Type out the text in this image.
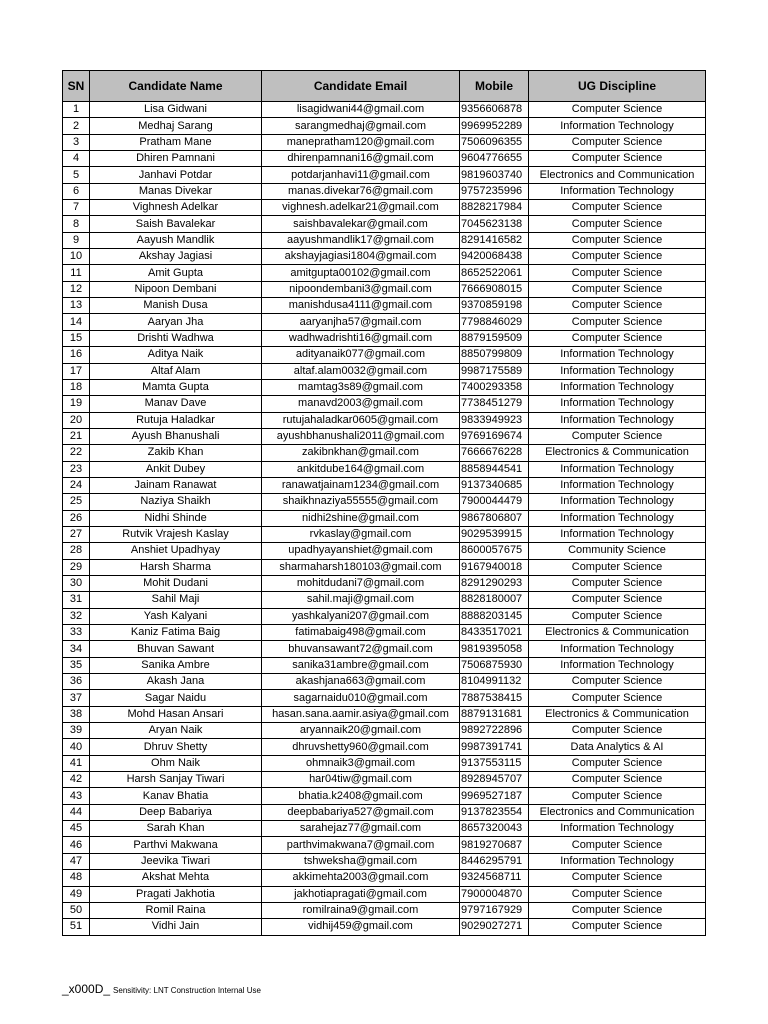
SN	Candidate Name	Candidate Email	Mobile	UG Discipline
1	Lisa Gidwani	lisagidwani44@gmail.com	9356606878	Computer Science
2	Medhaj Sarang	sarangmedhaj@gmail.com	9969952289	Information Technology
3	Pratham Mane	manepratham120@gmail.com	7506096355	Computer Science
4	Dhiren Pamnani	dhirenpamnani16@gmail.com	9604776655	Computer Science
5	Janhavi Potdar	potdarjanhavi11@gmail.com	9819603740	Electronics and Communication
6	Manas Divekar	manas.divekar76@gmail.com	9757235996	Information Technology
7	Vighnesh Adelkar	vighnesh.adelkar21@gmail.com	8828217984	Computer Science
8	Saish Bavalekar	saishbavalekar@gmail.com	7045623138	Computer Science
9	Aayush Mandlik	aayushmandlik17@gmail.com	8291416582	Computer Science
10	Akshay Jagiasi	akshayjagiasi1804@gmail.com	9420068438	Computer Science
11	Amit Gupta	amitgupta00102@gmail.com	8652522061	Computer Science
12	Nipoon Dembani	nipoondembani3@gmail.com	7666908015	Computer Science
13	Manish Dusa	manishdusa4111@gmail.com	9370859198	Computer Science
14	Aaryan Jha	aaryanjha57@gmail.com	7798846029	Computer Science
15	Drishti Wadhwa	wadhwadrishti16@gmail.com	8879159509	Computer Science
16	Aditya Naik	adityanaik077@gmail.com	8850799809	Information Technology
17	Altaf Alam	altaf.alam0032@gmail.com	9987175589	Information Technology
18	Mamta Gupta	mamtag3s89@gmail.com	7400293358	Information Technology
19	Manav Dave	manavd2003@gmail.com	7738451279	Information Technology
20	Rutuja Haladkar	rutujahaladkar0605@gmail.com	9833949923	Information Technology
21	Ayush Bhanushali	ayushbhanushali2011@gmail.com	9769169674	Computer Science
22	Zakib Khan	zakibnkhan@gmail.com	7666676228	Electronics & Communication
23	Ankit Dubey	ankitdube164@gmail.com	8858944541	Information Technology
24	Jainam Ranawat	ranawatjainam1234@gmail.com	9137340685	Information Technology
25	Naziya Shaikh	shaikhnaziya55555@gmail.com	7900044479	Information Technology
26	Nidhi Shinde	nidhi2shine@gmail.com	9867806807	Information Technology
27	Rutvik Vrajesh Kaslay	rvkaslay@gmail.com	9029539915	Information Technology
28	Anshiet Upadhyay	upadhyayanshiet@gmail.com	8600057675	Community Science
29	Harsh Sharma	sharmaharsh180103@gmail.com	9167940018	Computer Science
30	Mohit Dudani	mohitdudani7@gmail.com	8291290293	Computer Science
31	Sahil Maji	sahil.maji@gmail.com	8828180007	Computer Science
32	Yash Kalyani	yashkalyani207@gmail.com	8888203145	Computer Science
33	Kaniz Fatima Baig	fatimabaig498@gmail.com	8433517021	Electronics & Communication
34	Bhuvan Sawant	bhuvansawant72@gmail.com	9819395058	Information Technology
35	Sanika Ambre	sanika31ambre@gmail.com	7506875930	Information Technology
36	Akash Jana	akashjana663@gmail.com	8104991132	Computer Science
37	Sagar Naidu	sagarnaidu010@gmail.com	7887538415	Computer Science
38	Mohd Hasan Ansari	hasan.sana.aamir.asiya@gmail.com	8879131681	Electronics & Communication
39	Aryan Naik	aryannaik20@gmail.com	9892722896	Computer Science
40	Dhruv Shetty	dhruvshetty960@gmail.com	9987391741	Data Analytics & AI
41	Ohm Naik	ohmnaik3@gmail.com	9137553115	Computer Science
42	Harsh Sanjay Tiwari	har04tiw@gmail.com	8928945707	Computer Science
43	Kanav Bhatia	bhatia.k2408@gmail.com	9969527187	Computer Science
44	Deep Babariya	deepbabariya527@gmail.com	9137823554	Electronics and Communication
45	Sarah Khan	sarahejaz77@gmail.com	8657320043	Information Technology
46	Parthvi Makwana	parthvimakwana7@gmail.com	9819270687	Computer Science
47	Jeevika Tiwari	tshweksha@gmail.com	8446295791	Information Technology
48	Akshat Mehta	akkimehta2003@gmail.com	9324568711	Computer Science
49	Pragati Jakhotia	jakhotiapragati@gmail.com	7900004870	Computer Science
50	Romil Raina	romilraina9@gmail.com	9797167929	Computer Science
51	Vidhi Jain	vidhij459@gmail.com	9029027271	Computer Science
_x000D_ Sensitivity: LNT Construction Internal Use
